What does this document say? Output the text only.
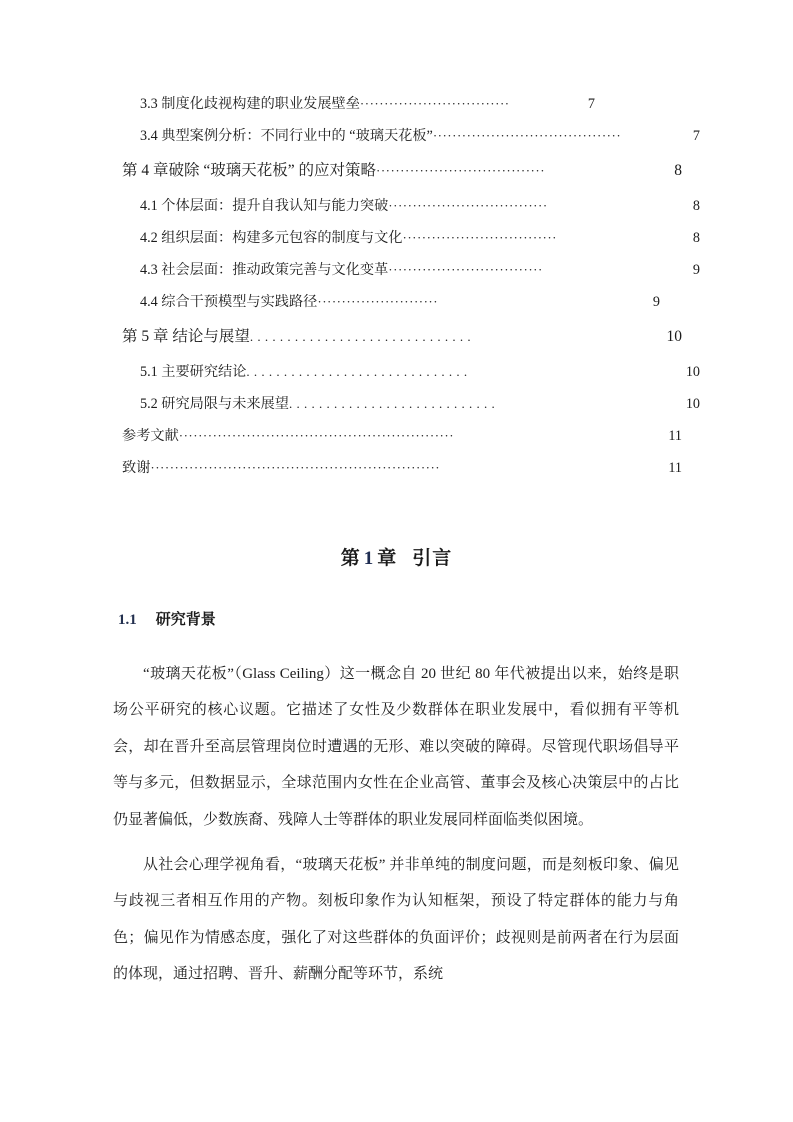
3.3 制度化歧视构建的职业发展壁垒 ·······························	7
3.4 典型案例分析：不同行业中的 “玻璃天花板” ·······································	7
第 4 章破除 “玻璃天花板” 的应对策略 ···································	8
4.1 个体层面：提升自我认知与能力突破 ·································	8
4.2 组织层面：构建多元包容的制度与文化 ································	8
4.3 社会层面：推动政策完善与文化变革 ································	9
4.4 综合干预模型与实践路径 ·························	9
第 5 章 结论与展望 . . . . . . . . . . . . . . . . . . . . . . . . . . . . . .	10
5.1 主要研究结论 . . . . . . . . . . . . . . . . . . . . . . . . . . . . . .	10
5.2 研究局限与未来展望 . . . . . . . . . . . . . . . . . . . . . . . . . . . .	10
参考文献 ·························································	11
致谢 ····························································	11
第 1 章 引言
1.1 研究背景

“玻璃天花板”（Glass Ceiling）这一概念自 20 世纪 80 年代被提出以来，始终是职场公平研究的核心议题。它描述了女性及少数群体在职业发展中，看似拥有平等机会，却在晋升至高层管理岗位时遭遇的无形、难以突破的障碍。尽管现代职场倡导平等与多元，但数据显示，全球范围内女性在企业高管、董事会及核心决策层中的占比仍显著偏低，少数族裔、残障人士等群体的职业发展同样面临类似困境。

从社会心理学视角看，“玻璃天花板” 并非单纯的制度问题，而是刻板印象、偏见与歧视三者相互作用的产物。刻板印象作为认知框架，预设了特定群体的能力与角色；偏见作为情感态度，强化了对这些群体的负面评价；歧视则是前两者在行为层面的体现，通过招聘、晋升、薪酬分配等环节，系统
